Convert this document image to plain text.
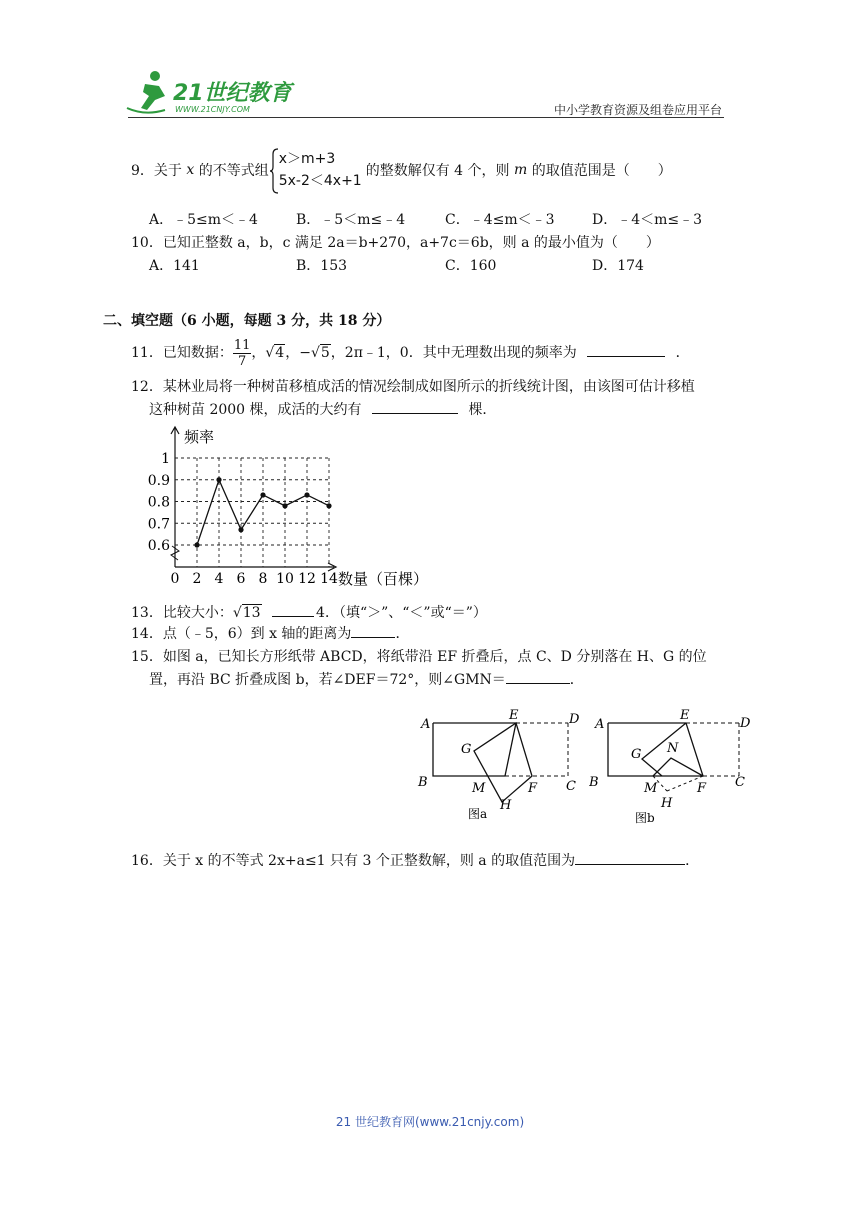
21世纪教育
WWW.21CNJY.COM	中小学教育资源及组卷应用平台
9．关于 x 的不等式组
x＞m+3
5x-2＜4x+1的整数解仅有 4 个，则 m 的取值范围是（　　）
A．﹣5≤m＜﹣4	B．﹣5＜m≤﹣4	C．﹣4≤m＜﹣3	D．﹣4＜m≤﹣3
10．已知正整数 a，b，c 满足 2a＝b+270，a+7c＝6b，则 a 的最小值为（　　）
A．141	B．153	C．160	D．174
二、填空题（6 小题，每题 3 分，共 18 分）
11．已知数据： $\frac{11}{7}$ ，√4，−√5，2π﹣1，0．其中无理数出现的频率为	．
12．某林业局将一种树苗移植成活的情况绘制成如图所示的折线统计图，由该图可估计移植
这种树苗 2000 棵，成活的大约有	棵．
0 2 4 6 8 10 12 14
0.6
0.7
0.8
0.9
1
频率
数量（百棵）
13．比较大小：√13	4．（填“＞”、“＜”或“＝”）
14．点（﹣5，6）到 x 轴的距离为	．
15．如图 a，已知长方形纸带 ABCD，将纸带沿 EF 折叠后，点 C、D 分别落在 H、G 的位
置，再沿 BC 折叠成图 b，若∠DEF＝72°，则∠GMN＝	．
A
E	D
G
B	M	F C
H
图a
A
E
D
G N
B	M	F C
H
图b
16．关于 x 的不等式 2x+a≤1 只有 3 个正整数解，则 a 的取值范围为	．
21 世纪教育网(www.21cnjy.com)
